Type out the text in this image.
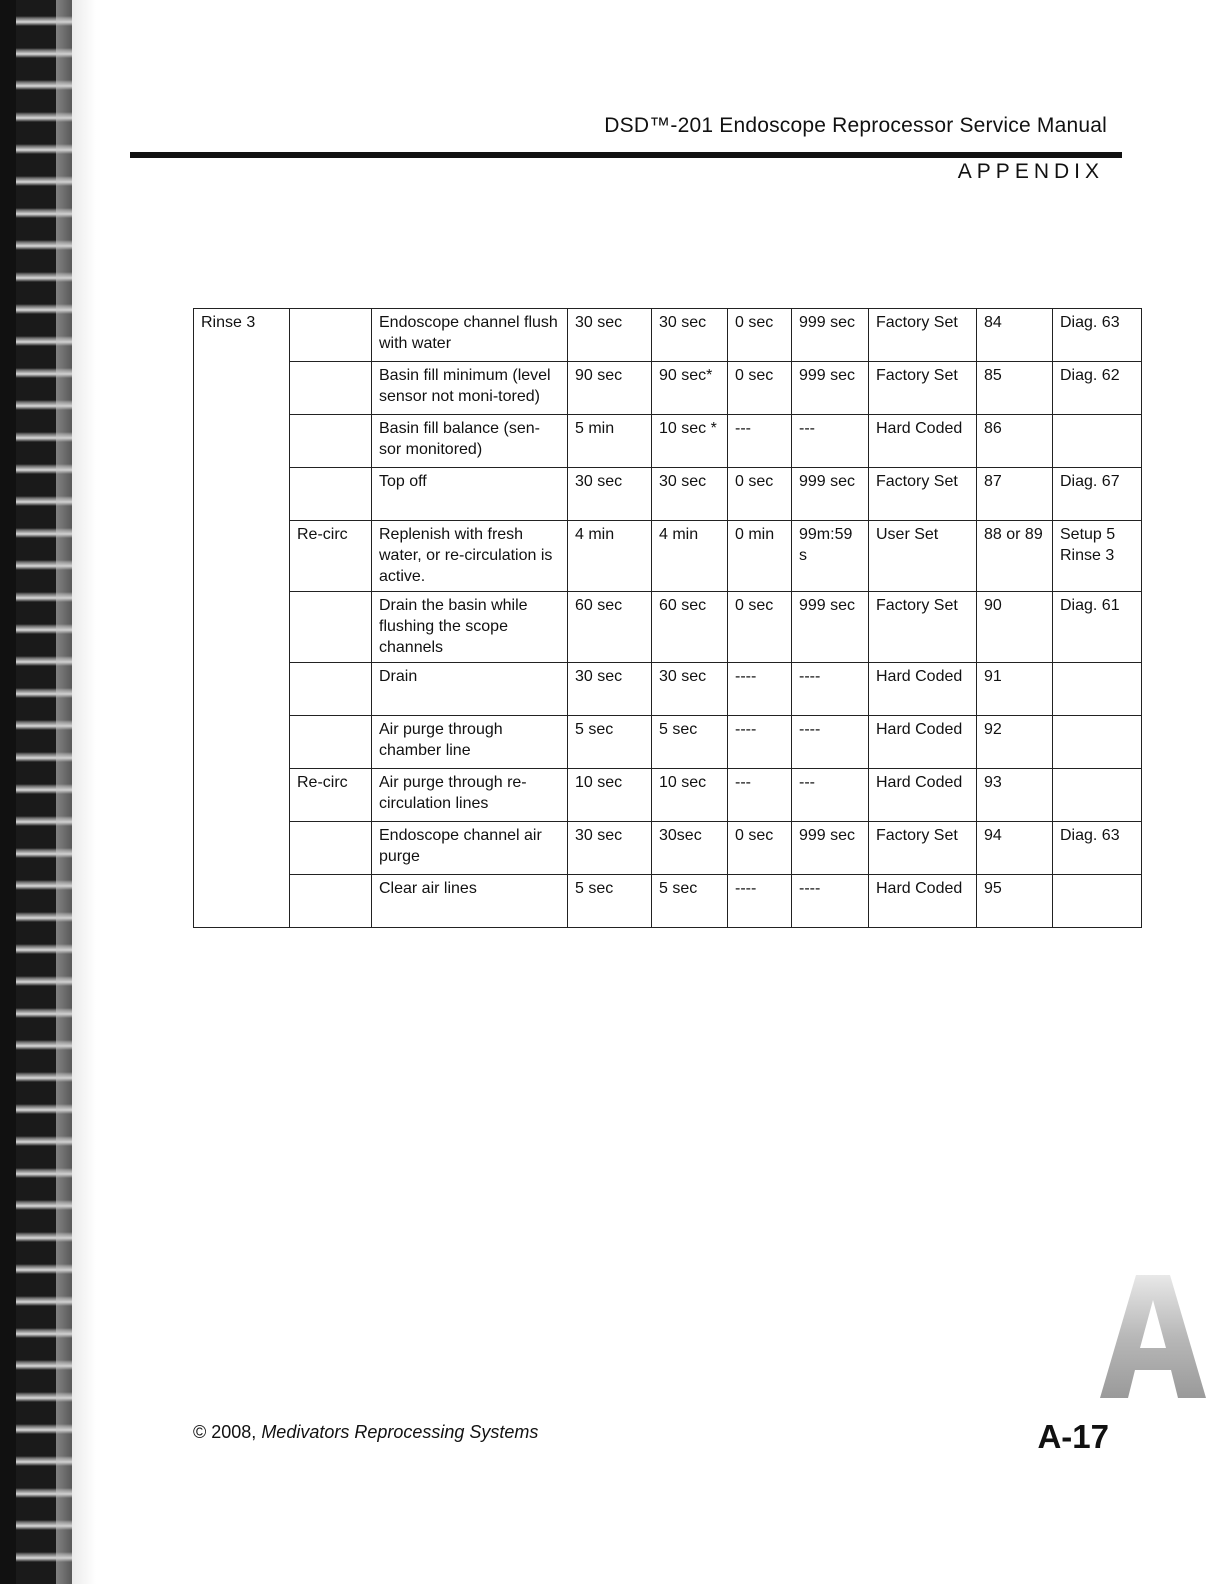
DSD™-201 Endoscope Reprocessor Service Manual
APPENDIX
Rinse 3		Endoscope channel flush with water	30 sec	30 sec	0 sec	999 sec	Factory Set	84	Diag. 63
		Basin fill minimum (level sensor not moni-tored)	90 sec	90 sec*	0 sec	999 sec	Factory Set	85	Diag. 62
		Basin fill balance (sen-sor monitored)	5 min	10 sec *	---	---	Hard Coded	86	
		Top off	30 sec	30 sec	0 sec	999 sec	Factory Set	87	Diag. 67
	Re-circ	Replenish with fresh water, or re-circulation is active.	4 min	4 min	0 min	99m:59 s	User Set	88 or 89	Setup 5 Rinse 3
		Drain the basin while flushing the scope channels	60 sec	60 sec	0 sec	999 sec	Factory Set	90	Diag. 61
		Drain	30 sec	30 sec	----	----	Hard Coded	91	
		Air purge through chamber line	5 sec	5 sec	----	----	Hard Coded	92	
	Re-circ	Air purge through re-circulation lines	10 sec	10 sec	---	---	Hard Coded	93	
		Endoscope channel air purge	30 sec	30sec	0 sec	999 sec	Factory Set	94	Diag. 63
		Clear air lines	5 sec	5 sec	----	----	Hard Coded	95	
© 2008, Medivators Reprocessing Systems	A-17
